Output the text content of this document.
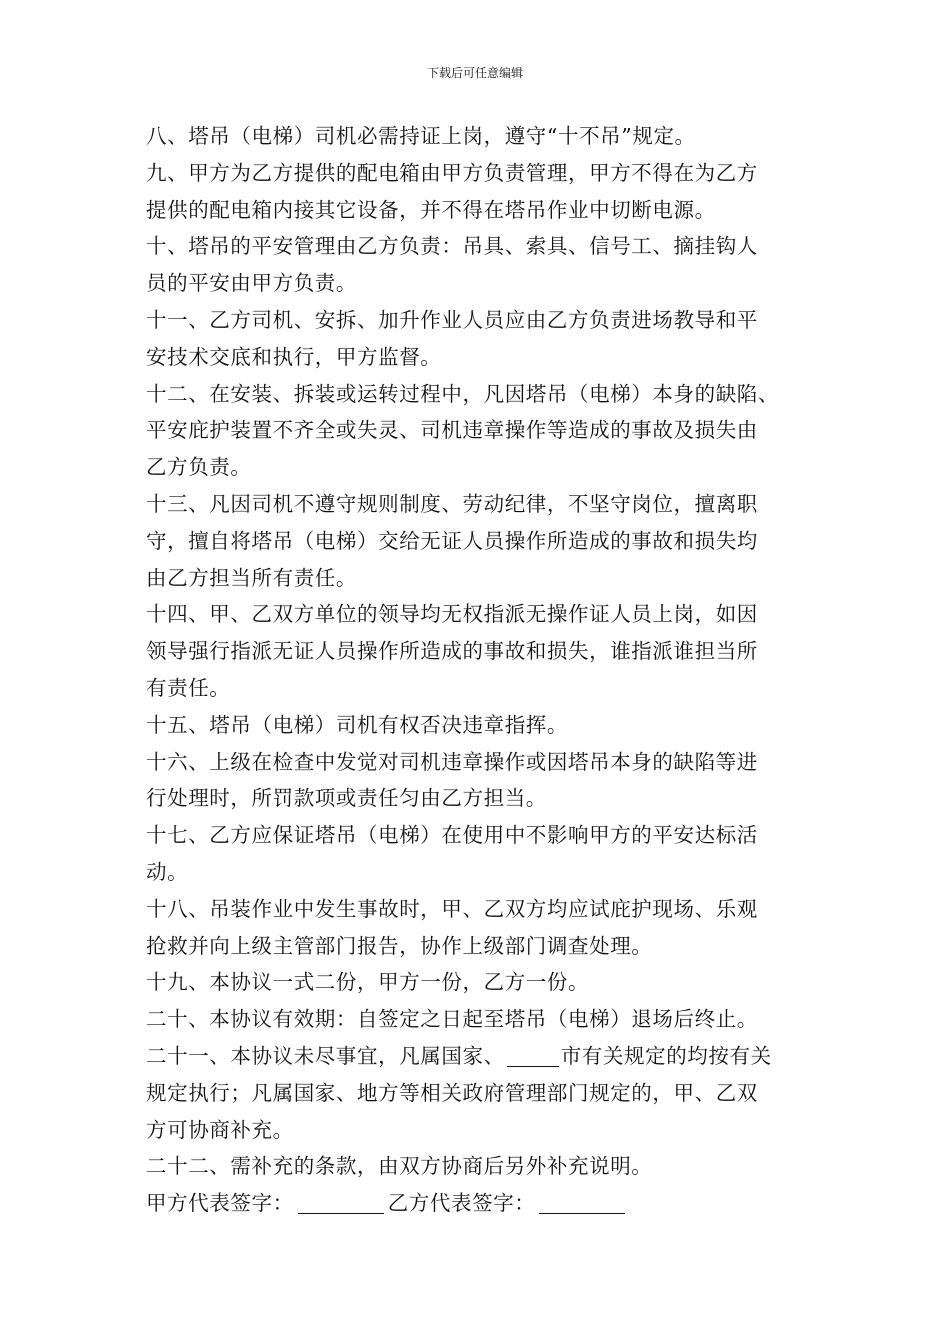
下载后可任意编辑

八、塔吊（电梯）司机必需持证上岗，遵守“十不吊”规定。

九、甲方为乙方提供的配电箱由甲方负责管理，甲方不得在为乙方

提供的配电箱内接其它设备，并不得在塔吊作业中切断电源。

十、塔吊的平安管理由乙方负责：吊具、索具、信号工、摘挂钩人

员的平安由甲方负责。

十一、乙方司机、安拆、加升作业人员应由乙方负责进场教导和平

安技术交底和执行，甲方监督。

十二、在安装、拆装或运转过程中，凡因塔吊（电梯）本身的缺陷、

平安庇护装置不齐全或失灵、司机违章操作等造成的事故及损失由

乙方负责。

十三、凡因司机不遵守规则制度、劳动纪律，不坚守岗位，擅离职

守，擅自将塔吊（电梯）交给无证人员操作所造成的事故和损失均

由乙方担当所有责任。

十四、甲、乙双方单位的领导均无权指派无操作证人员上岗，如因

领导强行指派无证人员操作所造成的事故和损失，谁指派谁担当所

有责任。

十五、塔吊（电梯）司机有权否决违章指挥。

十六、上级在检查中发觉对司机违章操作或因塔吊本身的缺陷等进

行处理时，所罚款项或责任匀由乙方担当。

十七、乙方应保证塔吊（电梯）在使用中不影响甲方的平安达标活

动。

十八、吊装作业中发生事故时，甲、乙双方均应试庇护现场、乐观

抢救并向上级主管部门报告，协作上级部门调查处理。

十九、本协议一式二份，甲方一份，乙方一份。

二十、本协议有效期：自签定之日起至塔吊（电梯）退场后终止。

二十一、本协议未尽事宜，凡属国家、	市有关规定的均按有关

规定执行；凡属国家、地方等相关政府管理部门规定的，甲、乙双

方可协商补充。

二十二、需补充的条款，由双方协商后另外补充说明。

甲方代表签字：	乙方代表签字：
